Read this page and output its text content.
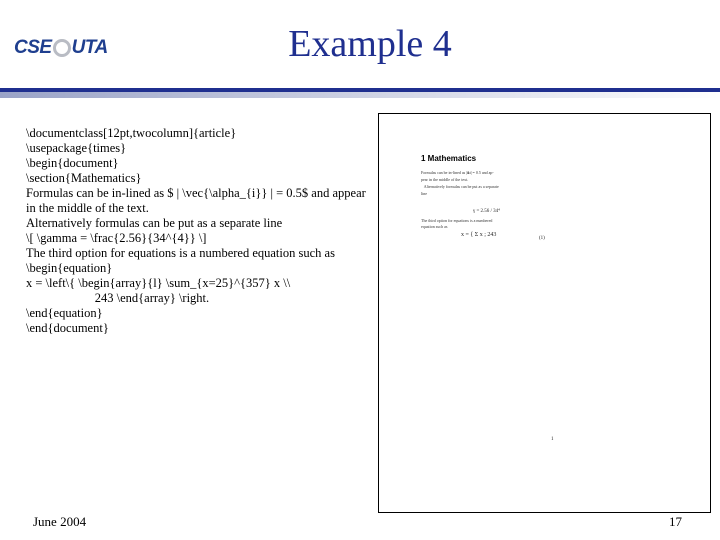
CSE UTA	Example 4

\documentclass[12pt,twocolumn]{article}

\usepackage{times}

\begin{document}

\section{Mathematics}

Formulas can be in-lined as $ | \vec{\alpha_{i}} | = 0.5$ and appear

in the middle of the text.

Alternatively formulas can be put as a separate line

\[ \gamma = \frac{2.56}{34^{4}} \]

The third option for equations is a numbered equation such as

\begin{equation}

x = \left\{ \begin{array}{l} \sum_{x=25}^{357} x \\

243 \end{array} \right.

\end{equation}

\end{document}

1 Mathematics
Formulas can be in-lined as |α⃗i| = 0.5 and ap-
pear in the middle of the text.
Alternatively formulas can be put as a separate
line
γ = 2.56 / 34⁴
The third option for equations is a numbered
equation such as
x = { Σ x ; 243
(1)
1
June 2004	17
